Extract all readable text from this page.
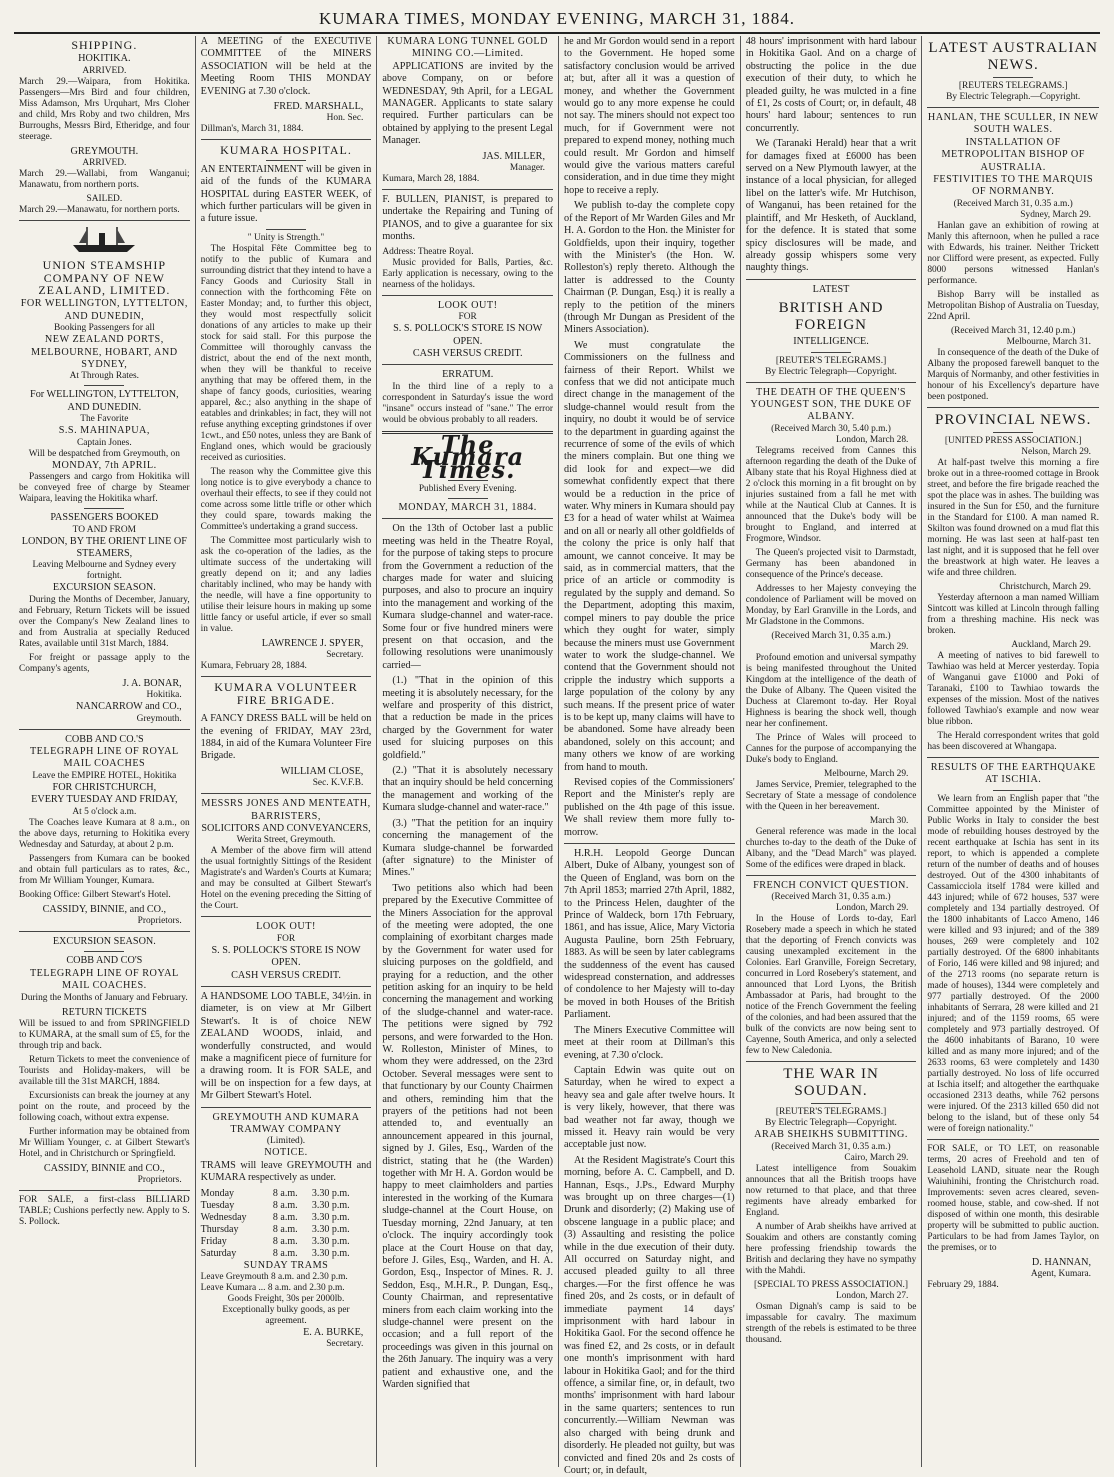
KUMARA TIMES, MONDAY EVENING, MARCH 31, 1884.
SHIPPING.
HOKITIKA.
ARRIVED.

March 29.—Waipara, from Hokitika. Passengers—Mrs Bird and four children, Miss Adamson, Mrs Urquhart, Mrs Cloher and child, Mrs Roby and two children, Mrs Burroughs, Messrs Bird, Etheridge, and four steerage.

GREYMOUTH.
ARRIVED.

March 29.—Wallabi, from Wanganui; Manawatu, from northern ports.

SAILED.

March 29.—Manawatu, for northern ports.

UNION STEAMSHIP COMPANY OF NEW ZEALAND, LIMITED.
FOR WELLINGTON, LYTTELTON, AND DUNEDIN,
Booking Passengers for all
NEW ZEALAND PORTS, MELBOURNE, HOBART, AND SYDNEY,
At Through Rates.
For WELLINGTON, LYTTELTON, AND DUNEDIN.
The Favorite
S.S. MAHINAPUA,
Captain Jones.
Will be despatched from Greymouth, on
MONDAY, 7th APRIL.

Passengers and cargo from Hokitika will be conveyed free of charge by Steamer Waipara, leaving the Hokitika wharf.

PASSENGERS BOOKED
TO AND FROM
LONDON, BY THE ORIENT LINE OF STEAMERS,
Leaving Melbourne and Sydney every fortnight.
EXCURSION SEASON.

During the Months of December, January, and February, Return Tickets will be issued over the Company's New Zealand lines to and from Australia at specially Reduced Rates, available until 31st March, 1884.

For freight or passage apply to the Company's agents,

J. A. BONAR,
Hokitika.
NANCARROW and CO.,
Greymouth.
COBB AND CO.'S
TELEGRAPH LINE OF ROYAL MAIL COACHES
Leave the EMPIRE HOTEL, Hokitika
FOR CHRISTCHURCH,
EVERY TUESDAY AND FRIDAY,
At 5 o'clock a.m.

The Coaches leave Kumara at 8 a.m., on the above days, returning to Hokitika every Wednesday and Saturday, at about 2 p.m.

Passengers from Kumara can be booked and obtain full particulars as to rates, &c., from Mr William Younger, Kumara.

Booking Office: Gilbert Stewart's Hotel.

CASSIDY, BINNIE, and CO.,
Proprietors.
EXCURSION SEASON.
COBB AND CO'S
TELEGRAPH LINE OF ROYAL MAIL COACHES.

During the Months of January and February.

RETURN TICKETS

Will be issued to and from SPRINGFIELD to KUMARA, at the small sum of £5, for the through trip and back.

Return Tickets to meet the convenience of Tourists and Holiday-makers, will be available till the 31st MARCH, 1884.

Excursionists can break the journey at any point on the route, and proceed by the following coach, without extra expense.

Further information may be obtained from Mr William Younger, c. at Gilbert Stewart's Hotel, and in Christchurch or Springfield.

CASSIDY, BINNIE and CO.,
Proprietors.

FOR SALE, a first-class BILLIARD TABLE; Cushions perfectly new. Apply to S. S. Pollock.

A MEETING of the EXECUTIVE COMMITTEE of the MINERS ASSOCIATION will be held at the Meeting Room THIS MONDAY EVENING at 7.30 o'clock.

FRED. MARSHALL,
Hon. Sec.
Dillman's, March 31, 1884.
KUMARA HOSPITAL.

AN ENTERTAINMENT will be given in aid of the funds of the KUMARA HOSPITAL during EASTER WEEK, of which further particulars will be given in a future issue.

" Unity is Strength."

The Hospital Fête Committee beg to notify to the public of Kumara and surrounding district that they intend to have a Fancy Goods and Curiosity Stall in connection with the forthcoming Fête on Easter Monday; and, to further this object, they would most respectfully solicit donations of any articles to make up their stock for said stall. For this purpose the Committee will thoroughly canvass the district, about the end of the next month, when they will be thankful to receive anything that may be offered them, in the shape of fancy goods, curiosities, wearing apparel, &c.; also anything in the shape of eatables and drinkables; in fact, they will not refuse anything excepting grindstones if over 1cwt., and £50 notes, unless they are Bank of England ones, which would be graciously received as curiosities.

The reason why the Committee give this long notice is to give everybody a chance to overhaul their effects, to see if they could not come across some little trifle or other which they could spare, towards making the Committee's undertaking a grand success.

The Committee most particularly wish to ask the co-operation of the ladies, as the ultimate success of the undertaking will greatly depend on it; and any ladies charitably inclined, who may be handy with the needle, will have a fine opportunity to utilise their leisure hours in making up some little fancy or useful article, if ever so small in value.

LAWRENCE J. SPYER,
Secretary.
Kumara, February 28, 1884.
KUMARA VOLUNTEER FIRE BRIGADE.

A FANCY DRESS BALL will be held on the evening of FRIDAY, MAY 23rd, 1884, in aid of the Kumara Volunteer Fire Brigade.

WILLIAM CLOSE,
Sec. K.V.F.B.
MESSRS JONES AND MENTEATH, BARRISTERS,
SOLICITORS AND CONVEYANCERS,
Werita Street, Greymouth.

A Member of the above firm will attend the usual fortnightly Sittings of the Resident Magistrate's and Warden's Courts at Kumara; and may be consulted at Gilbert Stewart's Hotel on the evening preceding the Sitting of the Court.

LOOK OUT!
FOR
S. S. POLLOCK'S STORE IS NOW OPEN.
CASH VERSUS CREDIT.

A HANDSOME LOO TABLE, 34½in. in diameter, is on view at Mr Gilbert Stewart's. It is of choice NEW ZEALAND WOODS, inlaid, and wonderfully constructed, and would make a magnificent piece of furniture for a drawing room. It is FOR SALE, and will be on inspection for a few days, at Mr Gilbert Stewart's Hotel.

GREYMOUTH AND KUMARA TRAMWAY COMPANY
(Limited).
NOTICE.

TRAMS will leave GREYMOUTH and KUMARA respectively as under.

Monday	8 a.m.	3.30 p.m.
Tuesday	8 a.m.	3.30 p.m.
Wednesday	8 a.m.	3.30 p.m.
Thursday	8 a.m.	3.30 p.m.
Friday	8 a.m.	3.30 p.m.
Saturday	8 a.m.	3.30 p.m.
SUNDAY TRAMS
Leave Greymouth 8 a.m. and 2.30 p.m.
Leave Kumara ... 8 a.m. and 2.30 p.m.
Goods Freight, 30s per 2000lb.
Exceptionally bulky goods, as per agreement.
E. A. BURKE,
Secretary.
KUMARA LONG TUNNEL GOLD MINING CO.—Limited.

APPLICATIONS are invited by the above Company, on or before WEDNESDAY, 9th April, for a LEGAL MANAGER. Applicants to state salary required. Further particulars can be obtained by applying to the present Legal Manager.

JAS. MILLER,
Manager.
Kumara, March 28, 1884.

F. BULLEN, PIANIST, is prepared to undertake the Repairing and Tuning of PIANOS, and to give a guarantee for six months.

Address: Theatre Royal.

Music provided for Balls, Parties, &c. Early application is necessary, owing to the nearness of the holidays.

LOOK OUT!
FOR
S. S. POLLOCK'S STORE IS NOW OPEN.
CASH VERSUS CREDIT.
ERRATUM.

In the third line of a reply to a correspondent in Saturday's issue the word "insane" occurs instead of "sane." The error would be obvious probably to all readers.

The Kumara Times.
Published Every Evening.
MONDAY, MARCH 31, 1884.

On the 13th of October last a public meeting was held in the Theatre Royal, for the purpose of taking steps to procure from the Government a reduction of the charges made for water and sluicing purposes, and also to procure an inquiry into the management and working of the Kumara sludge-channel and water-race. Some four or five hundred miners were present on that occasion, and the following resolutions were unanimously carried—

(1.) "That in the opinion of this meeting it is absolutely necessary, for the welfare and prosperity of this district, that a reduction be made in the prices charged by the Government for water used for sluicing purposes on this goldfield."

(2.) "That it is absolutely necessary that an inquiry should be held concerning the management and working of the Kumara sludge-channel and water-race."

(3.) "That the petition for an inquiry concerning the management of the Kumara sludge-channel be forwarded (after signature) to the Minister of Mines."

Two petitions also which had been prepared by the Executive Committee of the Miners Association for the approval of the meeting were adopted, the one complaining of exorbitant charges made by the Government for water used for sluicing purposes on the goldfield, and praying for a reduction, and the other petition asking for an inquiry to be held concerning the management and working of the sludge-channel and water-race. The petitions were signed by 792 persons, and were forwarded to the Hon. W. Rolleston, Minister of Mines, to whom they were addressed, on the 23rd October. Several messages were sent to that functionary by our County Chairmen and others, reminding him that the prayers of the petitions had not been attended to, and eventually an announcement appeared in this journal, signed by J. Giles, Esq., Warden of the district, stating that he (the Warden) together with Mr H. A. Gordon would be happy to meet claimholders and parties interested in the working of the Kumara sludge-channel at the Court House, on Tuesday morning, 22nd January, at ten o'clock. The inquiry accordingly took place at the Court House on that day, before J. Giles, Esq., Warden, and H. A. Gordon, Esq., Inspector of Mines. R. J. Seddon, Esq., M.H.R., P. Dungan, Esq., County Chairman, and representative miners from each claim working into the sludge-channel were present on the occasion; and a full report of the proceedings was given in this journal on the 26th January. The inquiry was a very patient and exhaustive one, and the Warden signified that

he and Mr Gordon would send in a report to the Government. He hoped some satisfactory conclusion would be arrived at; but, after all it was a question of money, and whether the Government would go to any more expense he could not say. The miners should not expect too much, for if Government were not prepared to expend money, nothing much could result. Mr Gordon and himself would give the various matters careful consideration, and in due time they might hope to receive a reply.

We publish to-day the complete copy of the Report of Mr Warden Giles and Mr H. A. Gordon to the Hon. the Minister for Goldfields, upon their inquiry, together with the Minister's (the Hon. W. Rolleston's) reply thereto. Although the latter is addressed to the County Chairman (P. Dungan, Esq.) it is really a reply to the petition of the miners (through Mr Dungan as President of the Miners Association).

We must congratulate the Commissioners on the fullness and fairness of their Report. Whilst we confess that we did not anticipate much direct change in the management of the sludge-channel would result from the inquiry, no doubt it would be of service to the department in guarding against the recurrence of some of the evils of which the miners complain. But one thing we did look for and expect—we did somewhat confidently expect that there would be a reduction in the price of water. Why miners in Kumara should pay £3 for a head of water whilst at Waimea and on all or nearly all other goldfields of the colony the price is only half that amount, we cannot conceive. It may be said, as in commercial matters, that the price of an article or commodity is regulated by the supply and demand. So the Department, adopting this maxim, compel miners to pay double the price which they ought for water, simply because the miners must use Government water to work the sludge-channel. We contend that the Government should not cripple the industry which supports a large population of the colony by any such means. If the present price of water is to be kept up, many claims will have to be abandoned. Some have already been abandoned, solely on this account; and many others we know of are working from hand to mouth.

Revised copies of the Commissioners' Report and the Minister's reply are published on the 4th page of this issue. We shall review them more fully to-morrow.

H.R.H. Leopold George Duncan Albert, Duke of Albany, youngest son of the Queen of England, was born on the 7th April 1853; married 27th April, 1882, to the Princess Helen, daughter of the Prince of Waldeck, born 17th February, 1861, and has issue, Alice, Mary Victoria Augusta Pauline, born 25th February, 1883. As will be seen by later cablegrams the suddenness of the event has caused widespread consternation, and addresses of condolence to her Majesty will to-day be moved in both Houses of the British Parliament.

The Miners Executive Committee will meet at their room at Dillman's this evening, at 7.30 o'clock.

Captain Edwin was quite out on Saturday, when he wired to expect a heavy sea and gale after twelve hours. It is very likely, however, that there was bad weather not far away, though we missed it. Heavy rain would be very acceptable just now.

At the Resident Magistrate's Court this morning, before A. C. Campbell, and D. Hannan, Esqs., J.Ps., Edward Murphy was brought up on three charges—(1) Drunk and disorderly; (2) Making use of obscene language in a public place; and (3) Assaulting and resisting the police while in the due execution of their duty. All occurred on Saturday night, and accused pleaded guilty to all three charges.—For the first offence he was fined 20s, and 2s costs, or in default of immediate payment 14 days' imprisonment with hard labour in Hokitika Gaol. For the second offence he was fined £2, and 2s costs, or in default one month's imprisonment with hard labour in Hokitika Gaol; and for the third offence, a similar fine, or, in default, two months' imprisonment with hard labour in the same quarters; sentences to run concurrently.—William Newman was also charged with being drunk and disorderly. He pleaded not guilty, but was convicted and fined 20s and 2s costs of Court; or, in default,

48 hours' imprisonment with hard labour in Hokitika Gaol. And on a charge of obstructing the police in the due execution of their duty, to which he pleaded guilty, he was mulcted in a fine of £1, 2s costs of Court; or, in default, 48 hours' hard labour; sentences to run concurrently.

We (Taranaki Herald) hear that a writ for damages fixed at £6000 has been served on a New Plymouth lawyer, at the instance of a local physician, for alleged libel on the latter's wife. Mr Hutchison, of Wanganui, has been retained for the plaintiff, and Mr Hesketh, of Auckland, for the defence. It is stated that some spicy disclosures will be made, and already gossip whispers some very naughty things.

LATEST
BRITISH AND FOREIGN
INTELLIGENCE.
[REUTER'S TELEGRAMS.]
By Electric Telegraph—Copyright.
THE DEATH OF THE QUEEN'S YOUNGEST SON, THE DUKE OF ALBANY.
(Received March 30, 5.40 p.m.)
London, March 28.

Telegrams received from Cannes this afternoon regarding the death of the Duke of Albany state that his Royal Highness died at 2 o'clock this morning in a fit brought on by injuries sustained from a fall he met with while at the Nautical Club at Cannes. It is announced that the Duke's body will be brought to England, and interred at Frogmore, Windsor.

The Queen's projected visit to Darmstadt, Germany has been abandoned in consequence of the Prince's decease.

Addresses to her Majesty conveying the condolence of Parliament will be moved on Monday, by Earl Granville in the Lords, and Mr Gladstone in the Commons.

(Received March 31, 0.35 a.m.)
March 29.

Profound emotion and universal sympathy is being manifested throughout the United Kingdom at the intelligence of the death of the Duke of Albany. The Queen visited the Duchess at Claremont to-day. Her Royal Highness is bearing the shock well, though near her confinement.

The Prince of Wales will proceed to Cannes for the purpose of accompanying the Duke's body to England.

Melbourne, March 29.

James Service, Premier, telegraphed to the Secretary of State a message of condolence with the Queen in her bereavement.

March 30.

General reference was made in the local churches to-day to the death of the Duke of Albany, and the "Dead March" was played. Some of the edifices were draped in black.

FRENCH CONVICT QUESTION.
(Received March 31, 0.35 a.m.)
London, March 29.

In the House of Lords to-day, Earl Rosebery made a speech in which he stated that the deporting of French convicts was causing unexampled excitement in the Colonies. Earl Granville, Foreign Secretary, concurred in Lord Rosebery's statement, and announced that Lord Lyons, the British Ambassador at Paris, had brought to the notice of the French Government the feeling of the colonies, and had been assured that the bulk of the convicts are now being sent to Cayenne, South America, and only a selected few to New Caledonia.

THE WAR IN SOUDAN.
[REUTER'S TELEGRAMS.]
By Electric Telegraph—Copyright.
ARAB SHEIKHS SUBMITTING.
(Received March 31, 0.35 a.m.)
Cairo, March 29.

Latest intelligence from Souakim announces that all the British troops have now returned to that place, and that three regiments have already embarked for England.

A number of Arab sheikhs have arrived at Souakim and others are constantly coming here professing friendship towards the British and declaring they have no sympathy with the Mahdi.

[SPECIAL TO PRESS ASSOCIATION.]
London, March 27.

Osman Dignah's camp is said to be impassable for cavalry. The maximum strength of the rebels is estimated to be three thousand.

LATEST AUSTRALIAN NEWS.
[REUTERS TELEGRAMS.]
By Electric Telegraph.—Copyright.
HANLAN, THE SCULLER, IN NEW SOUTH WALES.
INSTALLATION OF METROPOLITAN BISHOP OF AUSTRALIA.
FESTIVITIES TO THE MARQUIS OF NORMANBY.
(Received March 31, 0.35 a.m.)
Sydney, March 29.

Hanlan gave an exhibition of rowing at Manly this afternoon, when he pulled a race with Edwards, his trainer. Neither Trickett nor Clifford were present, as expected. Fully 8000 persons witnessed Hanlan's performance.

Bishop Barry will be installed as Metropolitan Bishop of Australia on Tuesday, 22nd April.

(Received March 31, 12.40 p.m.)
Melbourne, March 31.

In consequence of the death of the Duke of Albany the proposed farewell banquet to the Marquis of Normanby, and other festivities in honour of his Excellency's departure have been postponed.

PROVINCIAL NEWS.
[UNITED PRESS ASSOCIATION.]
Nelson, March 29.

At half-past twelve this morning a fire broke out in a three-roomed cottage in Brook street, and before the fire brigade reached the spot the place was in ashes. The building was insured in the Sun for £50, and the furniture in the Standard for £100. A man named R. Skilton was found drowned on a mud flat this morning. He was last seen at half-past ten last night, and it is supposed that he fell over the breastwork at high water. He leaves a wife and three children.

Christchurch, March 29.

Yesterday afternoon a man named William Sintcott was killed at Lincoln through falling from a threshing machine. His neck was broken.

Auckland, March 29.

A meeting of natives to bid farewell to Tawhiao was held at Mercer yesterday. Topia of Wanganui gave £1000 and Poki of Taranaki, £100 to Tawhiao towards the expenses of the mission. Most of the natives followed Tawhiao's example and now wear blue ribbon.

The Herald correspondent writes that gold has been discovered at Whangapa.

RESULTS OF THE EARTHQUAKE AT ISCHIA.

We learn from an English paper that "the Committee appointed by the Minister of Public Works in Italy to consider the best mode of rebuilding houses destroyed by the recent earthquake at Ischia has sent in its report, to which is appended a complete return of the number of deaths and of houses destroyed. Out of the 4300 inhabitants of Cassamicciola itself 1784 were killed and 443 injured; while of 672 houses, 537 were completely and 134 partially destroyed. Of the 1800 inhabitants of Lacco Ameno, 146 were killed and 93 injured; and of the 389 houses, 269 were completely and 102 partially destroyed. Of the 6800 inhabitants of Forio, 146 were killed and 98 injured; and of the 2713 rooms (no separate return is made of houses), 1344 were completely and 977 partially destroyed. Of the 2000 inhabitants of Serrara, 28 were killed and 21 injured; and of the 1159 rooms, 65 were completely and 973 partially destroyed. Of the 4600 inhabitants of Barano, 10 were killed and as many more injured; and of the 2633 rooms, 63 were completely and 1430 partially destroyed. No loss of life occurred at Ischia itself; and altogether the earthquake occasioned 2313 deaths, while 762 persons were injured. Of the 2313 killed 650 did not belong to the island, but of these only 54 were of foreign nationality."

FOR SALE, or TO LET, on reasonable terms, 20 acres of Freehold and ten of Leasehold LAND, situate near the Rough Waiuhinihi, fronting the Christchurch road. Improvements: seven acres cleared, seven-roomed house, stable, and cow-shed. If not disposed of within one month, this desirable property will be submitted to public auction. Particulars to be had from James Taylor, on the premises, or to

D. HANNAN,
Agent, Kumara.
February 29, 1884.
